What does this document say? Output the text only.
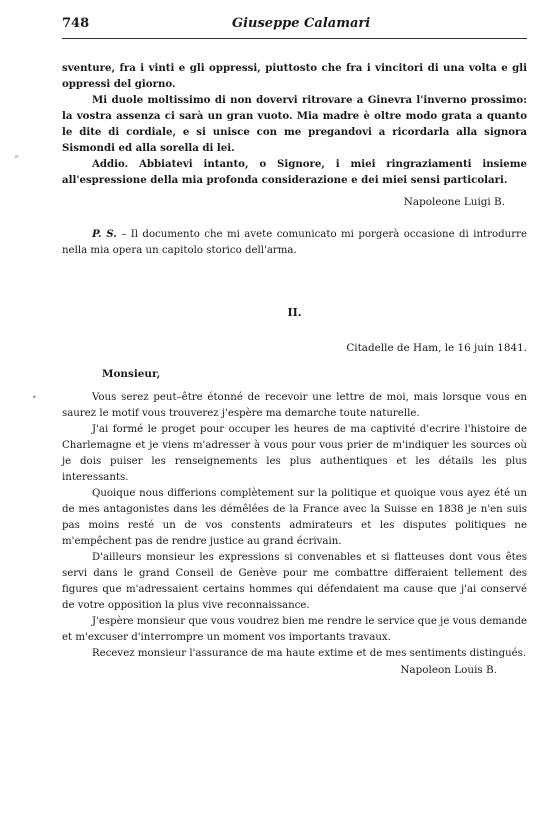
»
•
748	Giuseppe Calamari

sventure, fra i vinti e gli oppressi, piuttosto che fra i vincitori di una volta e gli oppressi del giorno.

Mi duole moltissimo di non dovervi ritrovare a Ginevra l'inverno prossimo: la vostra assenza ci sarà un gran vuoto. Mia madre è oltre modo grata a quanto le dite di cordiale, e si unisce con me pregandovi a ricordarla alla signora Sismondi ed alla sorella di lei.

Addio. Abbiatevi intanto, o Signore, i miei ringraziamenti insieme all'espressione della mia profonda considerazione e dei miei sensi particolari.

Napoleone Luigi B.

P. S. – Il documento che mi avete comunicato mi porgerà occasione di introdurre nella mia opera un capitolo storico dell'arma.

II.

Citadelle de Ham, le 16 juin 1841.

Monsieur,

Vous serez peut–être étonné de recevoir une lettre de moi, mais lorsque vous en saurez le motif vous trouverez j'espère ma demarche toute naturelle.

J'ai formé le proget pour occuper les heures de ma captivité d'ecrire l'histoire de Charlemagne et je viens m'adresser à vous pour vous prier de m'indiquer les sources où je dois puiser les renseignements les plus authentiques et les détails les plus interessants.

Quoique nous differions complètement sur la politique et quoique vous ayez été un de mes antagonistes dans les démêlées de la France avec la Suisse en 1838 je n'en suis pas moins resté un de vos constents admirateurs et les disputes politiques ne m'empêchent pas de rendre justice au grand écrivain.

D'ailleurs monsieur les expressions si convenables et si flatteuses dont vous êtes servi dans le grand Conseil de Genève pour me combattre differaient tellement des figures que m'adressaient certains hommes qui défendaient ma cause que j'ai conservé de votre opposition la plus vive reconnaissance.

J'espère monsieur que vous voudrez bien me rendre le service que je vous demande et m'excuser d'interrompre un moment vos importants travaux.

Recevez monsieur l'assurance de ma haute extime et de mes sentiments distingués.

Napoleon Louis B.
